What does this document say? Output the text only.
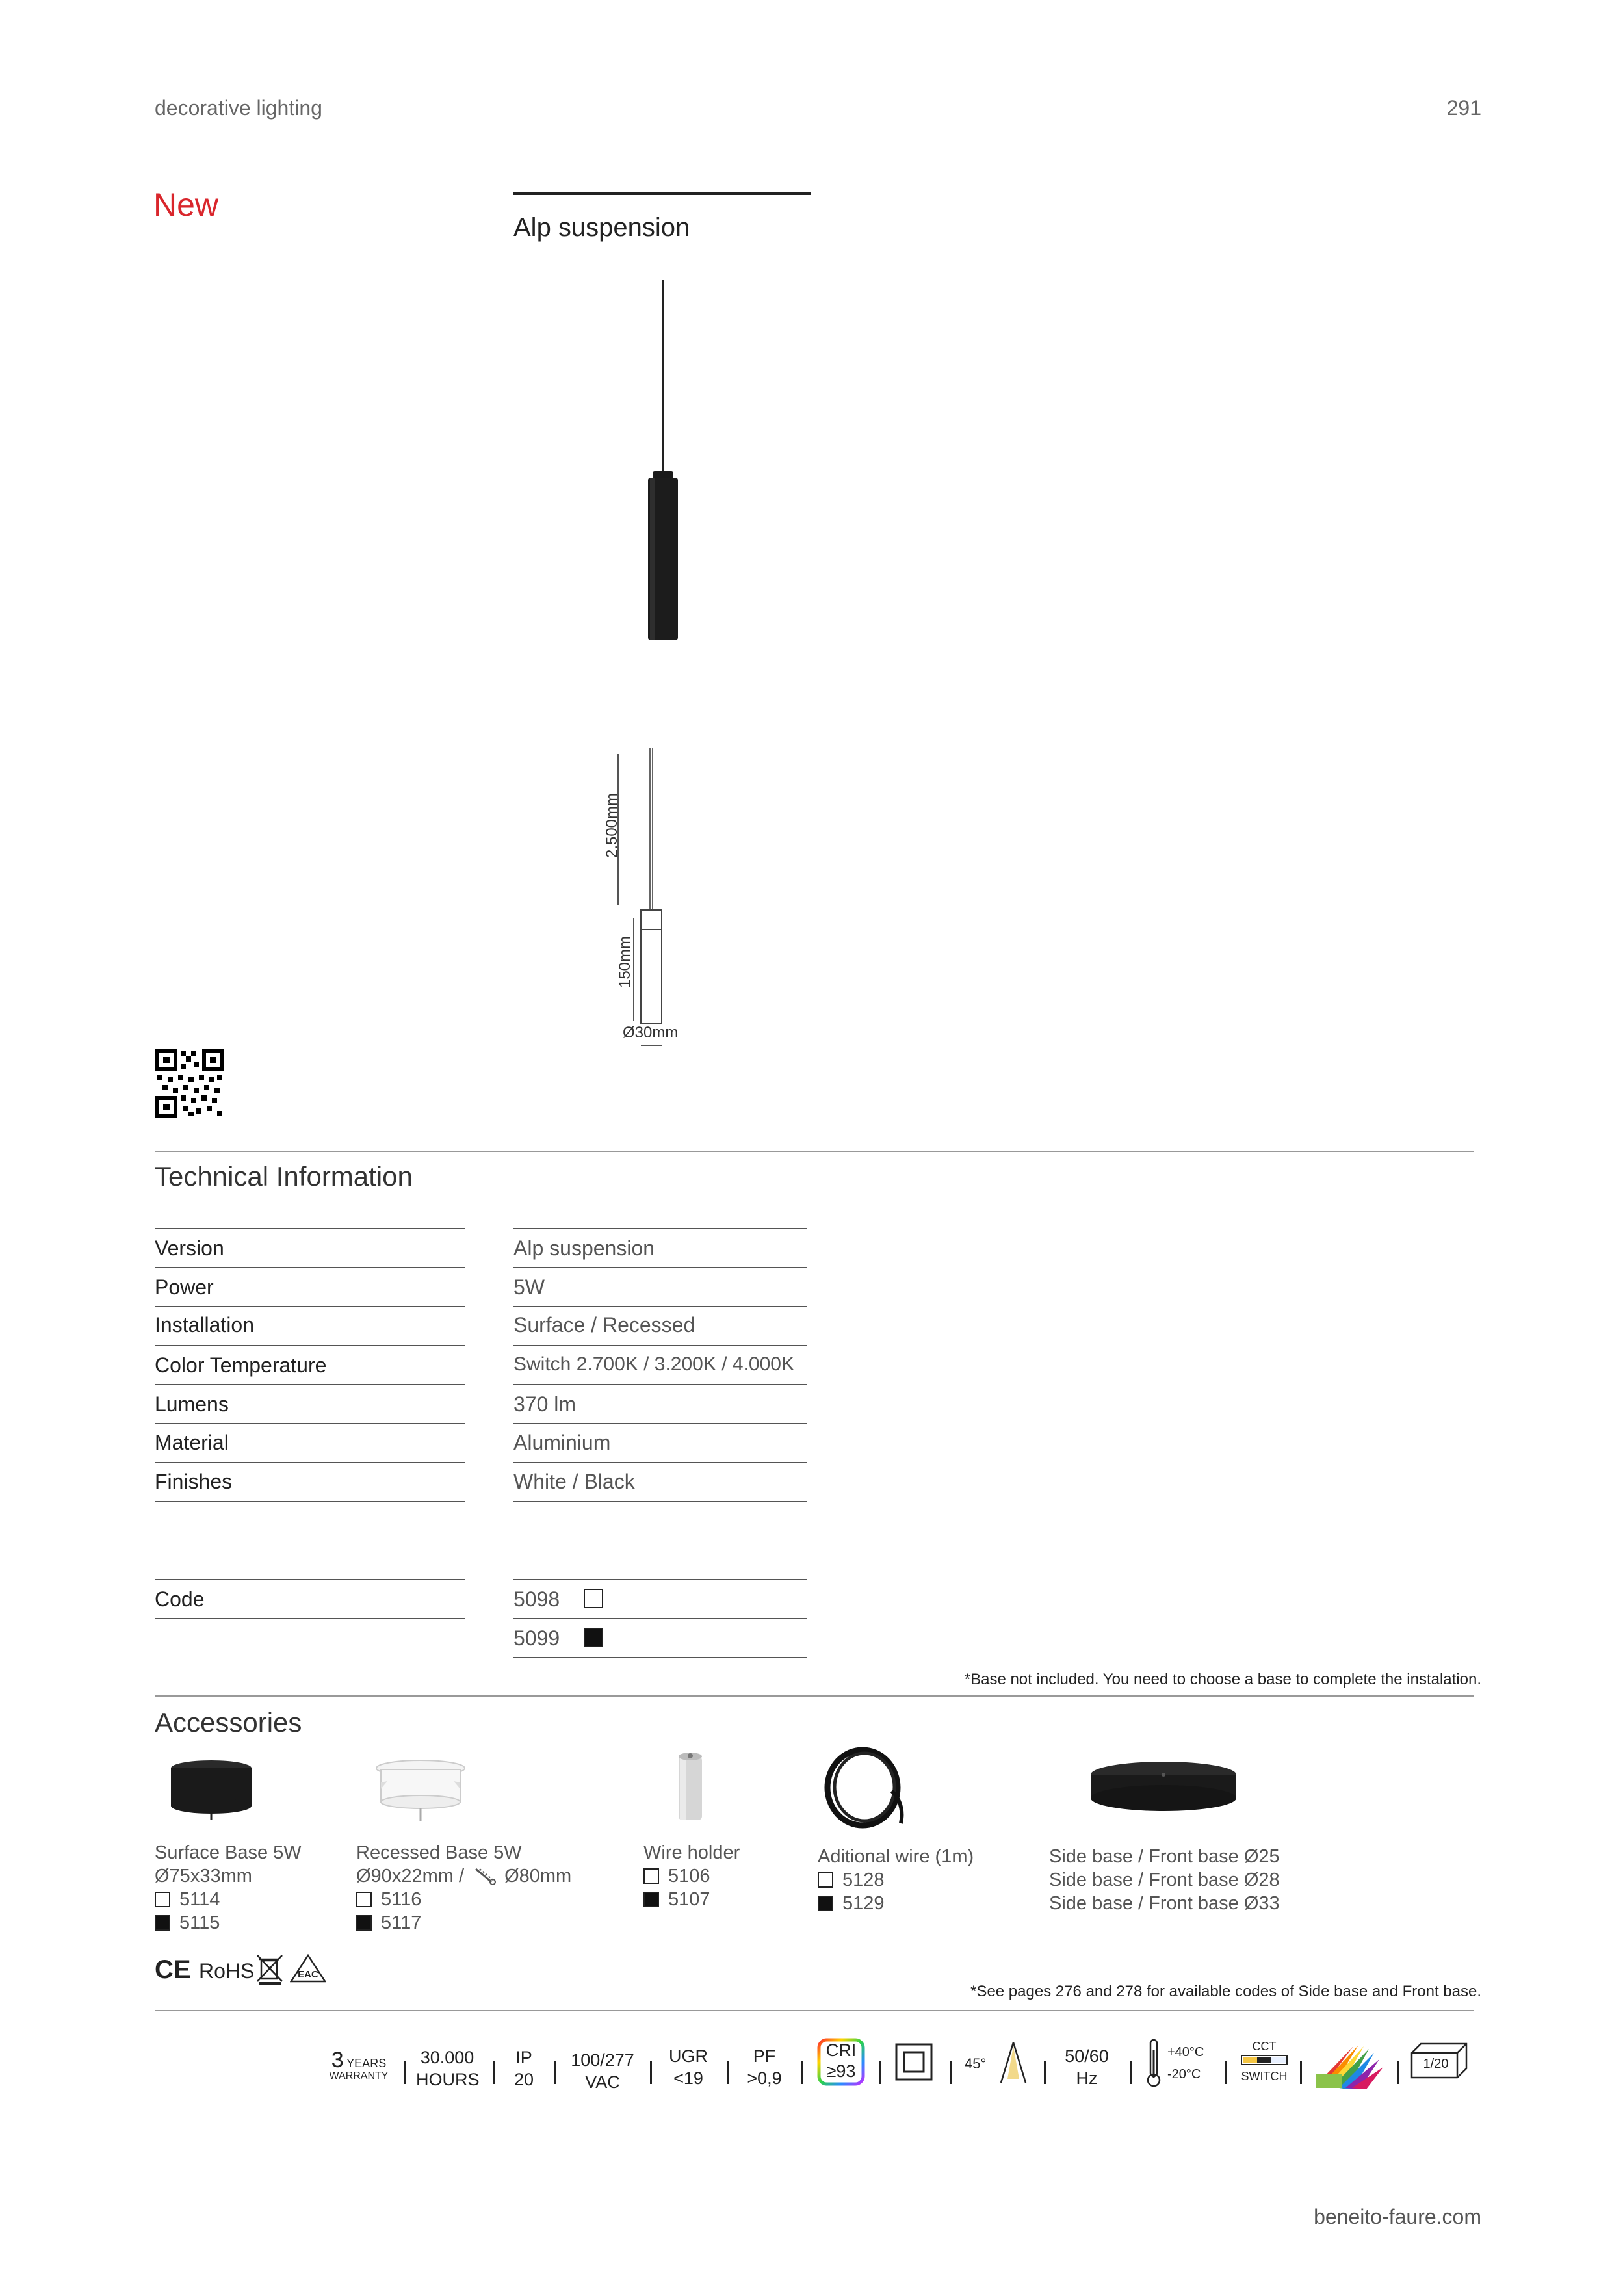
decorative lighting	291
New
Alp suspension
2.500mm
150mm
Ø30mm
Technical Information
Version	Alp suspension
Power	5W
Installation	Surface / Recessed
Color Temperature	Switch 2.700K / 3.200K / 4.000K
Lumens	370 lm
Material	Aluminium
Finishes	White / Black
Code	5098
5099
*Base not included. You need to choose a base to complete the instalation.
Accessories
Surface Base 5W
Ø75x33mm
5114
5115
Recessed Base 5W
Ø90x22mm / Ø80mm
5116
5117
Wire holder
5106
5107
Aditional wire (1m)
5128
5129
Side base / Front base Ø25
Side base / Front base Ø28
Side base / Front base Ø33
CE RoHS	EAC
*See pages 276 and 278 for available codes of Side base and Front base.
3 YEARS
WARRANTY
30.000
HOURS
IP
20
100/277
VAC
UGR
<19
PF
>0,9
CRI
≥93	45°	50/60
Hz
+40°C
-20°C
CCT
SWITCH
1/20
beneito-faure.com
